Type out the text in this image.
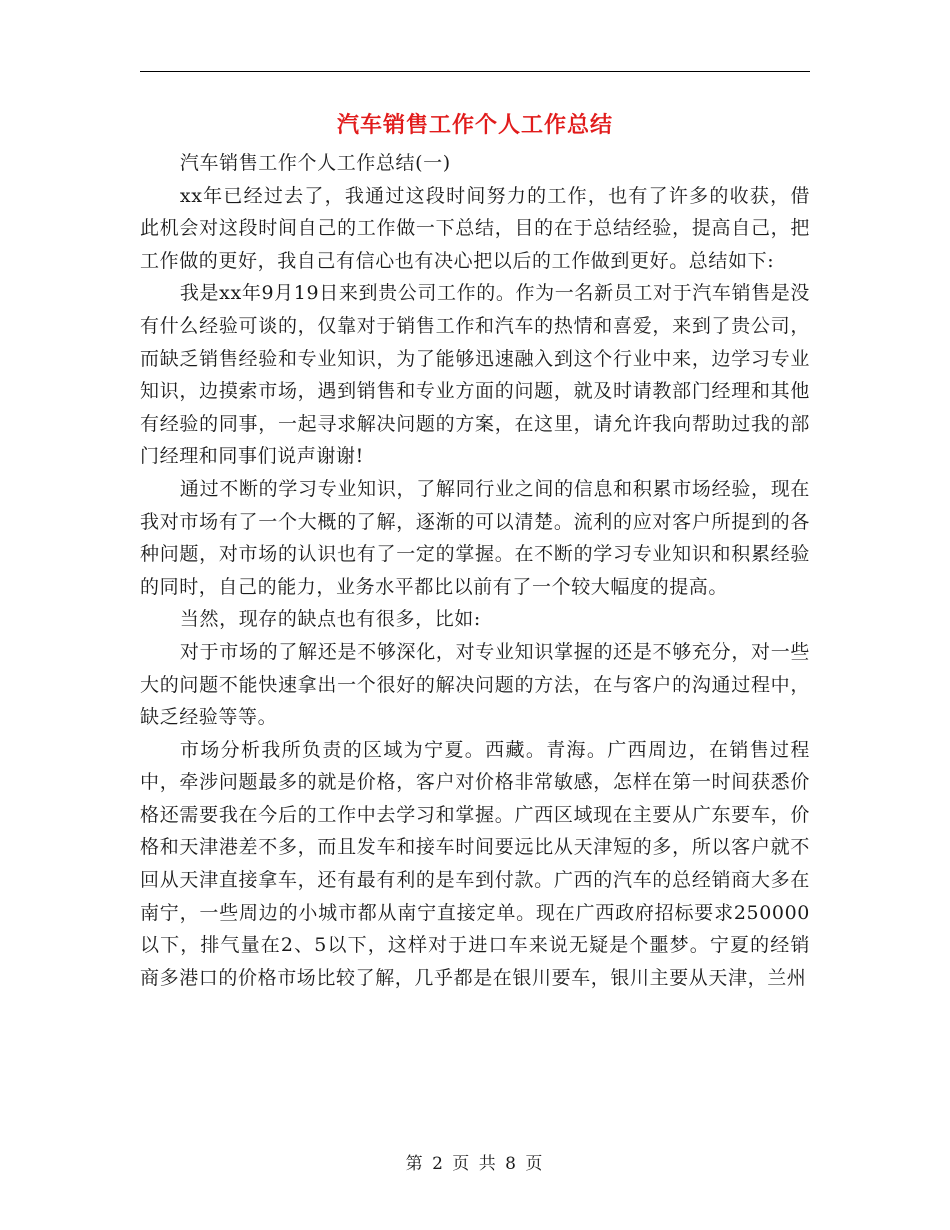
汽车销售工作个人工作总结

汽车销售工作个人工作总结(一)

xx年已经过去了，我通过这段时间努力的工作，也有了许多的收获，借此机会对这段时间自己的工作做一下总结，目的在于总结经验，提高自己，把工作做的更好，我自己有信心也有决心把以后的工作做到更好。总结如下:

我是xx年9月19日来到贵公司工作的。作为一名新员工对于汽车销售是没有什么经验可谈的，仅靠对于销售工作和汽车的热情和喜爱，来到了贵公司，而缺乏销售经验和专业知识，为了能够迅速融入到这个行业中来，边学习专业知识，边摸索市场，遇到销售和专业方面的问题，就及时请教部门经理和其他有经验的同事，一起寻求解决问题的方案，在这里，请允许我向帮助过我的部门经理和同事们说声谢谢!

通过不断的学习专业知识，了解同行业之间的信息和积累市场经验，现在我对市场有了一个大概的了解，逐渐的可以清楚。流利的应对客户所提到的各种问题，对市场的认识也有了一定的掌握。在不断的学习专业知识和积累经验的同时，自己的能力，业务水平都比以前有了一个较大幅度的提高。

当然，现存的缺点也有很多，比如:

对于市场的了解还是不够深化，对专业知识掌握的还是不够充分，对一些大的问题不能快速拿出一个很好的解决问题的方法，在与客户的沟通过程中，缺乏经验等等。

市场分析我所负责的区域为宁夏。西藏。青海。广西周边，在销售过程中，牵涉问题最多的就是价格，客户对价格非常敏感，怎样在第一时间获悉价格还需要我在今后的工作中去学习和掌握。广西区域现在主要从广东要车，价格和天津港差不多，而且发车和接车时间要远比从天津短的多，所以客户就不回从天津直接拿车，还有最有利的是车到付款。广西的汽车的总经销商大多在南宁，一些周边的小城市都从南宁直接定单。现在广西政府招标要求250000以下，排气量在2、5以下，这样对于进口车来说无疑是个噩梦。宁夏的经销商多港口的价格市场比较了解，几乎都是在银川要车，银川主要从天津，兰州

第 2 页 共 8 页
